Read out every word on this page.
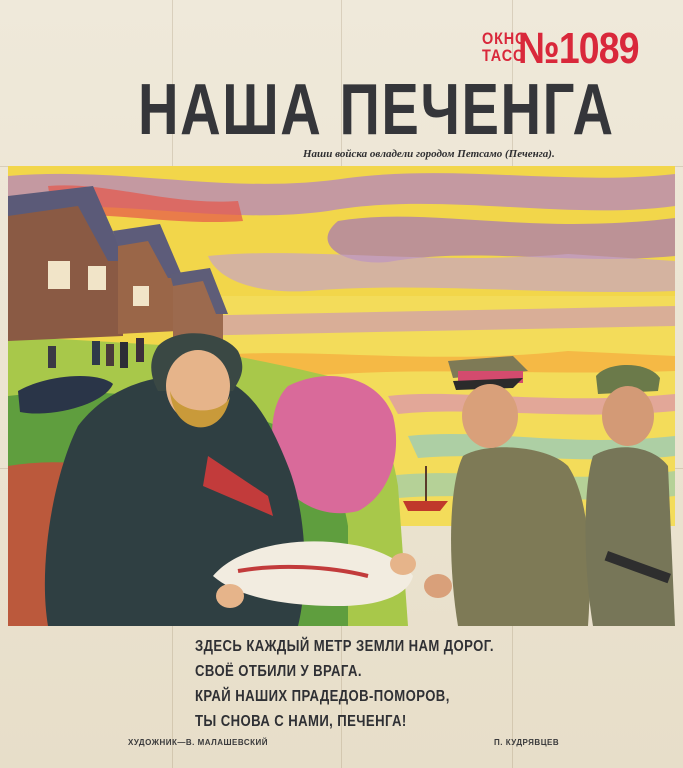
ОКНО
ТАСС
№1089
НАША ПЕЧЕНГА
Наши войска овладели городом Петсамо (Печенга).
ЗДЕСЬ КАЖДЫЙ МЕТР ЗЕМЛИ НАМ ДОРОГ.
СВОЁ ОТБИЛИ У ВРАГА.
КРАЙ НАШИХ ПРАДЕДОВ-ПОМОРОВ,
ТЫ СНОВА С НАМИ, ПЕЧЕНГА!
ХУДОЖНИК—В. МАЛАШЕВСКИЙ	П. КУДРЯВЦЕВ
